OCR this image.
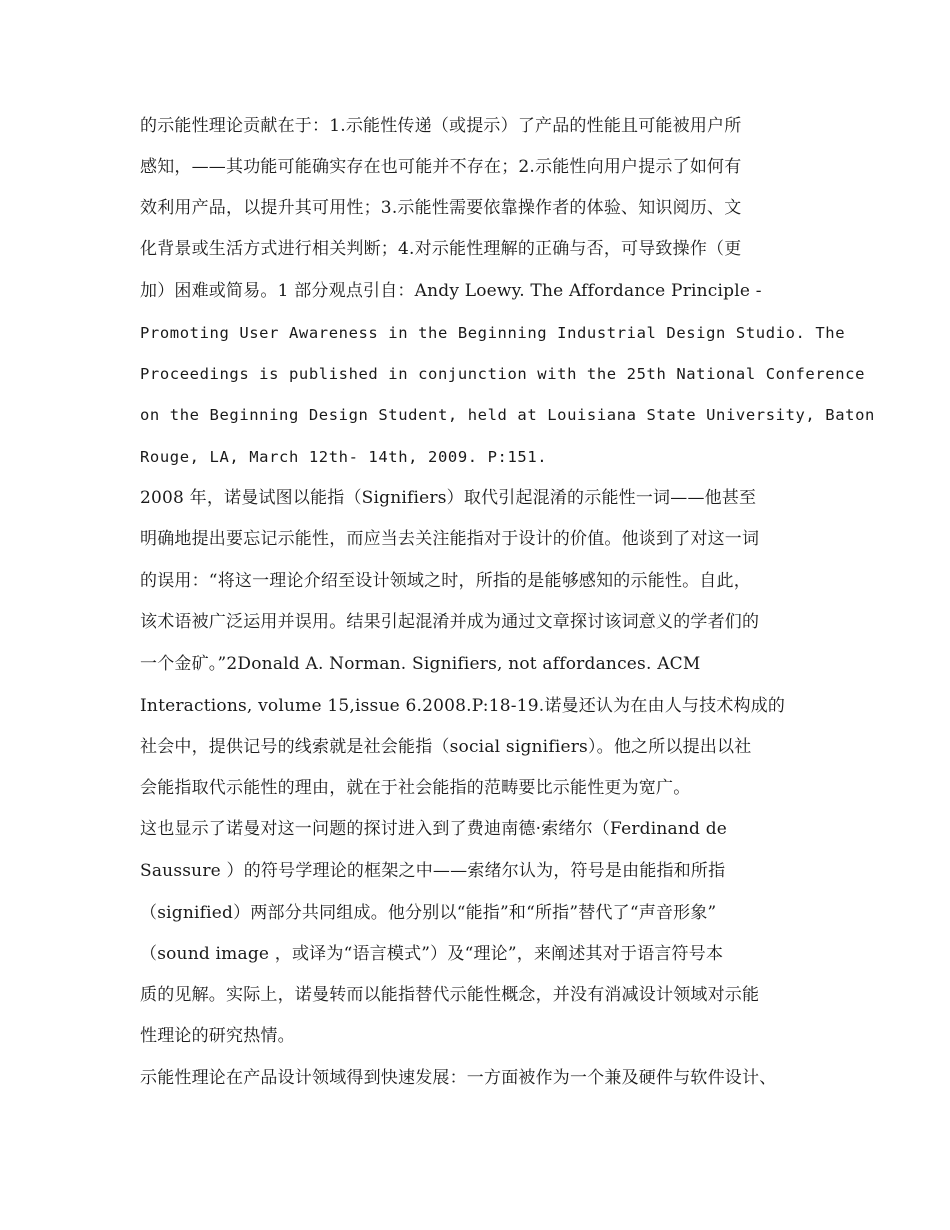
的示能性理论贡献在于：1.示能性传递（或提示）了产品的性能且可能被用户所
感知，——其功能可能确实存在也可能并不存在；2.示能性向用户提示了如何有
效利用产品，以提升其可用性；3.示能性需要依靠操作者的体验、知识阅历、文
化背景或生活方式进行相关判断；4.对示能性理解的正确与否，可导致操作（更
加）困难或简易。1 部分观点引自：Andy Loewy. The Affordance Principle -
Promoting User Awareness in the Beginning Industrial Design Studio. The
Proceedings is published in conjunction with the 25th National Conference
on the Beginning Design Student, held at Louisiana State University, Baton
Rouge, LA, March 12th- 14th, 2009. P:151.
2008 年，诺曼试图以能指（Signifiers）取代引起混淆的示能性一词——他甚至
明确地提出要忘记示能性，而应当去关注能指对于设计的价值。他谈到了对这一词
的误用：“将这一理论介绍至设计领域之时，所指的是能够感知的示能性。自此，
该术语被广泛运用并误用。结果引起混淆并成为通过文章探讨该词意义的学者们的
一个金矿。”2Donald A. Norman. Signifiers, not affordances. ACM
Interactions, volume 15,issue 6.2008.P:18-19.诺曼还认为在由人与技术构成的
社会中，提供记号的线索就是社会能指（social signifiers）。他之所以提出以社
会能指取代示能性的理由，就在于社会能指的范畴要比示能性更为宽广。
这也显示了诺曼对这一问题的探讨进入到了费迪南德·索绪尔（Ferdinand de
Saussure ）的符号学理论的框架之中——索绪尔认为，符号是由能指和所指
（signified）两部分共同组成。他分别以“能指”和“所指”替代了“声音形象”
（sound image ，或译为“语言模式”）及“理论”，来阐述其对于语言符号本
质的见解。实际上，诺曼转而以能指替代示能性概念，并没有消减设计领域对示能
性理论的研究热情。
示能性理论在产品设计领域得到快速发展：一方面被作为一个兼及硬件与软件设计、
